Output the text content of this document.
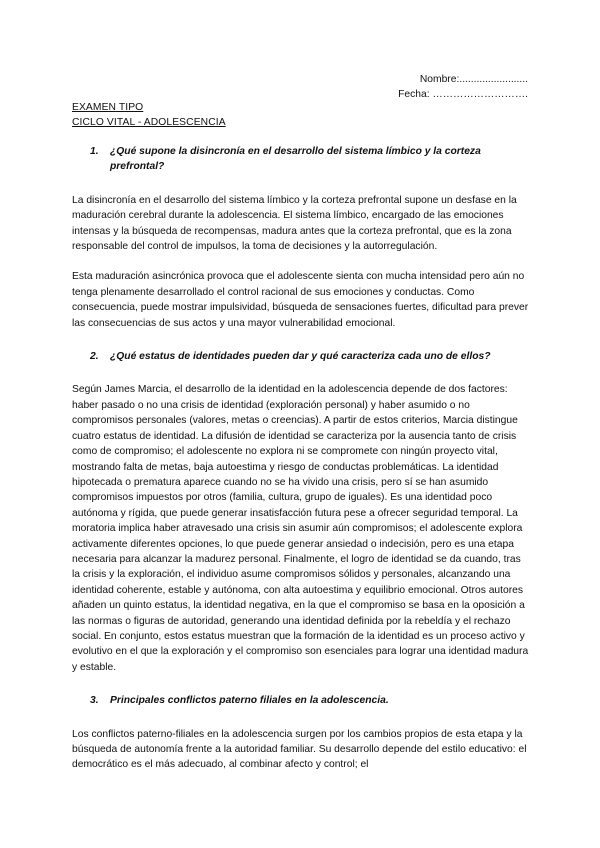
Nombre:........................
Fecha: ……………………….
EXAMEN TIPO
CICLO VITAL - ADOLESCENCIA
1.	¿Qué supone la disincronía en el desarrollo del sistema límbico y la corteza prefrontal?

La disincronía en el desarrollo del sistema límbico y la corteza prefrontal supone un desfase en la maduración cerebral durante la adolescencia. El sistema límbico, encargado de las emociones intensas y la búsqueda de recompensas, madura antes que la corteza prefrontal, que es la zona responsable del control de impulsos, la toma de decisiones y la autorregulación.

Esta maduración asincrónica provoca que el adolescente sienta con mucha intensidad pero aún no tenga plenamente desarrollado el control racional de sus emociones y conductas. Como consecuencia, puede mostrar impulsividad, búsqueda de sensaciones fuertes, dificultad para prever las consecuencias de sus actos y una mayor vulnerabilidad emocional.

2.	¿Qué estatus de identidades pueden dar y qué caracteriza cada uno de ellos?

Según James Marcia, el desarrollo de la identidad en la adolescencia depende de dos factores: haber pasado o no una crisis de identidad (exploración personal) y haber asumido o no compromisos personales (valores, metas o creencias). A partir de estos criterios, Marcia distingue cuatro estatus de identidad. La difusión de identidad se caracteriza por la ausencia tanto de crisis como de compromiso; el adolescente no explora ni se compromete con ningún proyecto vital, mostrando falta de metas, baja autoestima y riesgo de conductas problemáticas. La identidad hipotecada o prematura aparece cuando no se ha vivido una crisis, pero sí se han asumido compromisos impuestos por otros (familia, cultura, grupo de iguales). Es una identidad poco autónoma y rígida, que puede generar insatisfacción futura pese a ofrecer seguridad temporal. La moratoria implica haber atravesado una crisis sin asumir aún compromisos; el adolescente explora activamente diferentes opciones, lo que puede generar ansiedad o indecisión, pero es una etapa necesaria para alcanzar la madurez personal. Finalmente, el logro de identidad se da cuando, tras la crisis y la exploración, el individuo asume compromisos sólidos y personales, alcanzando una identidad coherente, estable y autónoma, con alta autoestima y equilibrio emocional. Otros autores añaden un quinto estatus, la identidad negativa, en la que el compromiso se basa en la oposición a las normas o figuras de autoridad, generando una identidad definida por la rebeldía y el rechazo social. En conjunto, estos estatus muestran que la formación de la identidad es un proceso activo y evolutivo en el que la exploración y el compromiso son esenciales para lograr una identidad madura y estable.

3.	Principales conflictos paterno filiales en la adolescencia.

Los conflictos paterno-filiales en la adolescencia surgen por los cambios propios de esta etapa y la búsqueda de autonomía frente a la autoridad familiar. Su desarrollo depende del estilo educativo: el democrático es el más adecuado, al combinar afecto y control; el
